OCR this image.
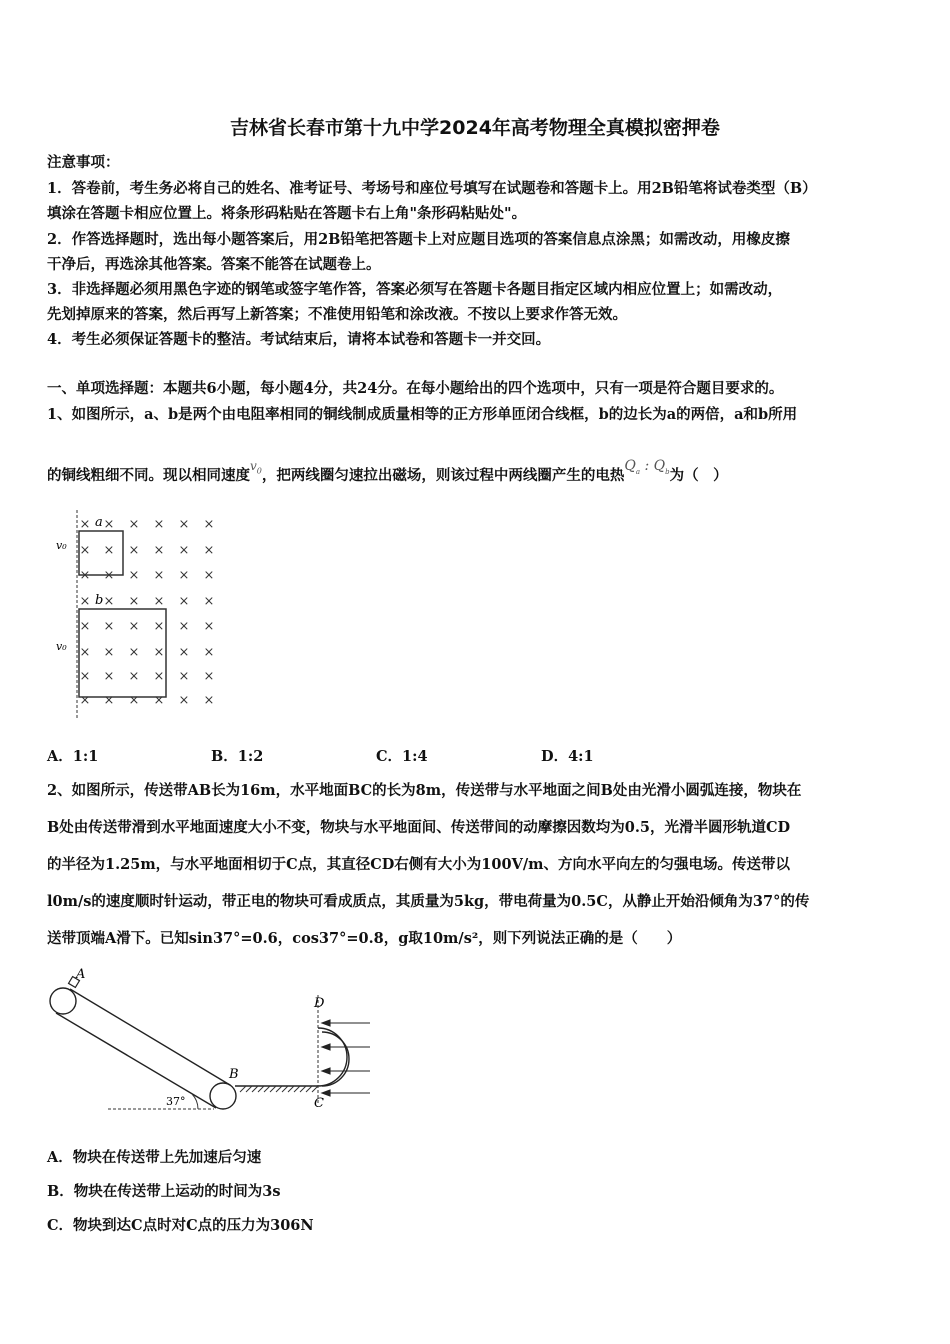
吉林省长春市第十九中学2024年高考物理全真模拟密押卷
注意事项：
1．答卷前，考生务必将自己的姓名、准考证号、考场号和座位号填写在试题卷和答题卡上。用2B铅笔将试卷类型（B）
填涂在答题卡相应位置上。将条形码粘贴在答题卡右上角"条形码粘贴处"。
2．作答选择题时，选出每小题答案后，用2B铅笔把答题卡上对应题目选项的答案信息点涂黑；如需改动，用橡皮擦
干净后，再选涂其他答案。答案不能答在试题卷上。
3．非选择题必须用黑色字迹的钢笔或签字笔作答，答案必须写在答题卡各题目指定区域内相应位置上；如需改动，
先划掉原来的答案，然后再写上新答案；不准使用铅笔和涂改液。不按以上要求作答无效。
4．考生必须保证答题卡的整洁。考试结束后，请将本试卷和答题卡一并交回。
一、单项选择题：本题共6小题，每小题4分，共24分。在每小题给出的四个选项中，只有一项是符合题目要求的。
1、如图所示，a、b是两个由电阻率相同的铜线制成质量相等的正方形单匝闭合线框，b的边长为a的两倍，a和b所用
的铜线粗细不同。现以相同速度$^{v_0}$，把两线圈匀速拉出磁场，则该过程中两线圈产生的电热$Q_a$ : $Q_b$为（　）
× × × × × ×
× × × × × ×
× × × × × ×
× × × × × ×
× × × × × ×
× × × × × ×
× × × × × ×
× × × × × ×
a
b
v₀
v₀
A．1:1	B．1:2	C．1:4	D．4:1
2、如图所示，传送带AB长为16m，水平地面BC的长为8m，传送带与水平地面之间B处由光滑小圆弧连接，物块在
B处由传送带滑到水平地面速度大小不变，物块与水平地面间、传送带间的动摩擦因数均为0.5，光滑半圆形轨道CD
的半径为1.25m，与水平地面相切于C点，其直径CD右侧有大小为100V/m、方向水平向左的匀强电场。传送带以
l0m/s的速度顺时针运动，带正电的物块可看成质点，其质量为5kg，带电荷量为0.5C，从静止开始沿倾角为37°的传
送带顶端A滑下。已知sin37°=0.6，cos37°=0.8，g取10m/s²，则下列说法正确的是（　　）
A
37°
B
D
C
A．物块在传送带上先加速后匀速
B．物块在传送带上运动的时间为3s
C．物块到达C点时对C点的压力为306N
